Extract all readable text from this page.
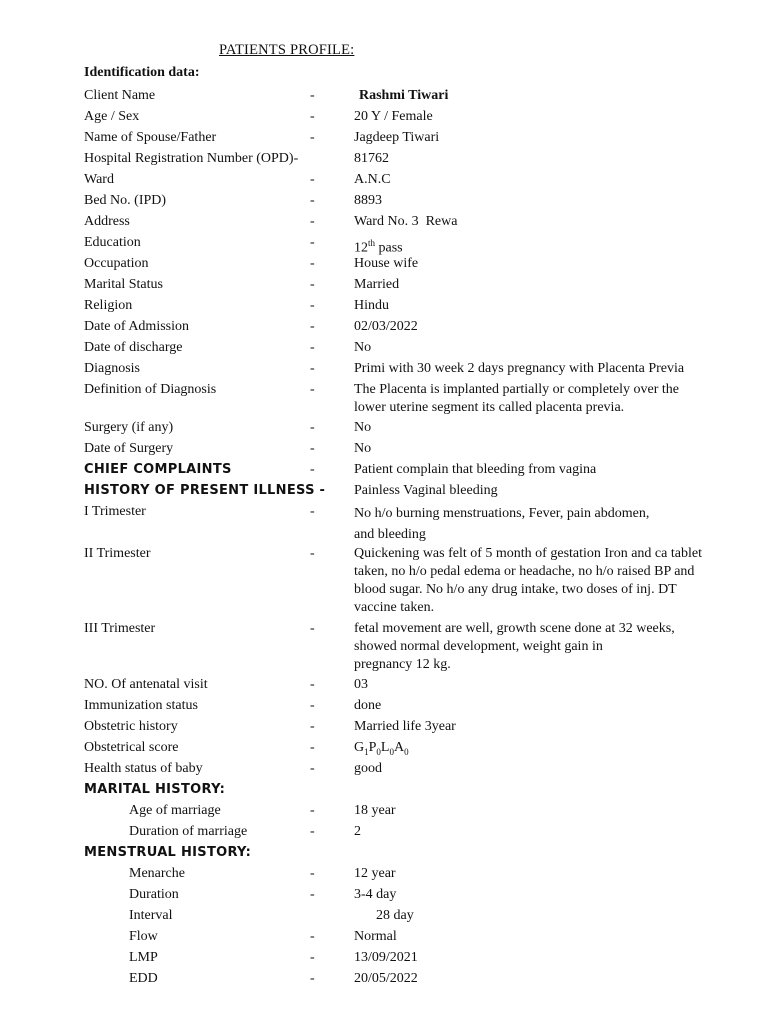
PATIENTS PROFILE:
Identification data:
Client Name	-	Rashmi Tiwari
Age / Sex	-	20 Y / Female
Name of Spouse/Father	-	Jagdeep Tiwari
Hospital Registration Number (OPD)-	81762
Ward	-	A.N.C
Bed No. (IPD)	-	8893
Address	-	Ward No. 3  Rewa
Education	-	12th pass
Occupation	-	House wife
Marital Status	-	Married
Religion	-	Hindu
Date of Admission	-	02/03/2022
Date of discharge	-	No
Diagnosis	-	Primi with 30 week 2 days pregnancy with Placenta Previa
Definition of Diagnosis	-	The Placenta is implanted partially or completely over the lower uterine segment its called placenta previa.
Surgery (if any)	-	No
Date of Surgery	-	No
CHIEF COMPLAINTS	-	Patient complain that bleeding from vagina
HISTORY OF PRESENT ILLNESS - Painless Vaginal bleeding
I Trimester	-	No h/o burning menstruations, Fever, pain abdomen,
and bleeding
II Trimester	-	Quickening was felt of 5 month of gestation Iron and ca tablet taken, no h/o pedal edema or headache, no h/o raised BP and blood sugar. No h/o any drug intake, two doses of inj. DT vaccine taken.
III Trimester	-	fetal movement are well, growth scene done at 32 weeks, showed normal development, weight gain in
pregnancy 12 kg.
NO. Of antenatal visit	-	03
Immunization status	-	done
Obstetric history	-	Married life 3year
Obstetrical score	-	$G_1P_0L_0A_0$
Health status of baby	-	good
MARITAL HISTORY:
Age of marriage	-	18 year
Duration of marriage	-	2
MENSTRUAL HISTORY:
Menarche	-	12 year
Duration	-	3-4 day
Interval	28 day
Flow	-	Normal
LMP	-	13/09/2021
EDD	-	20/05/2022
